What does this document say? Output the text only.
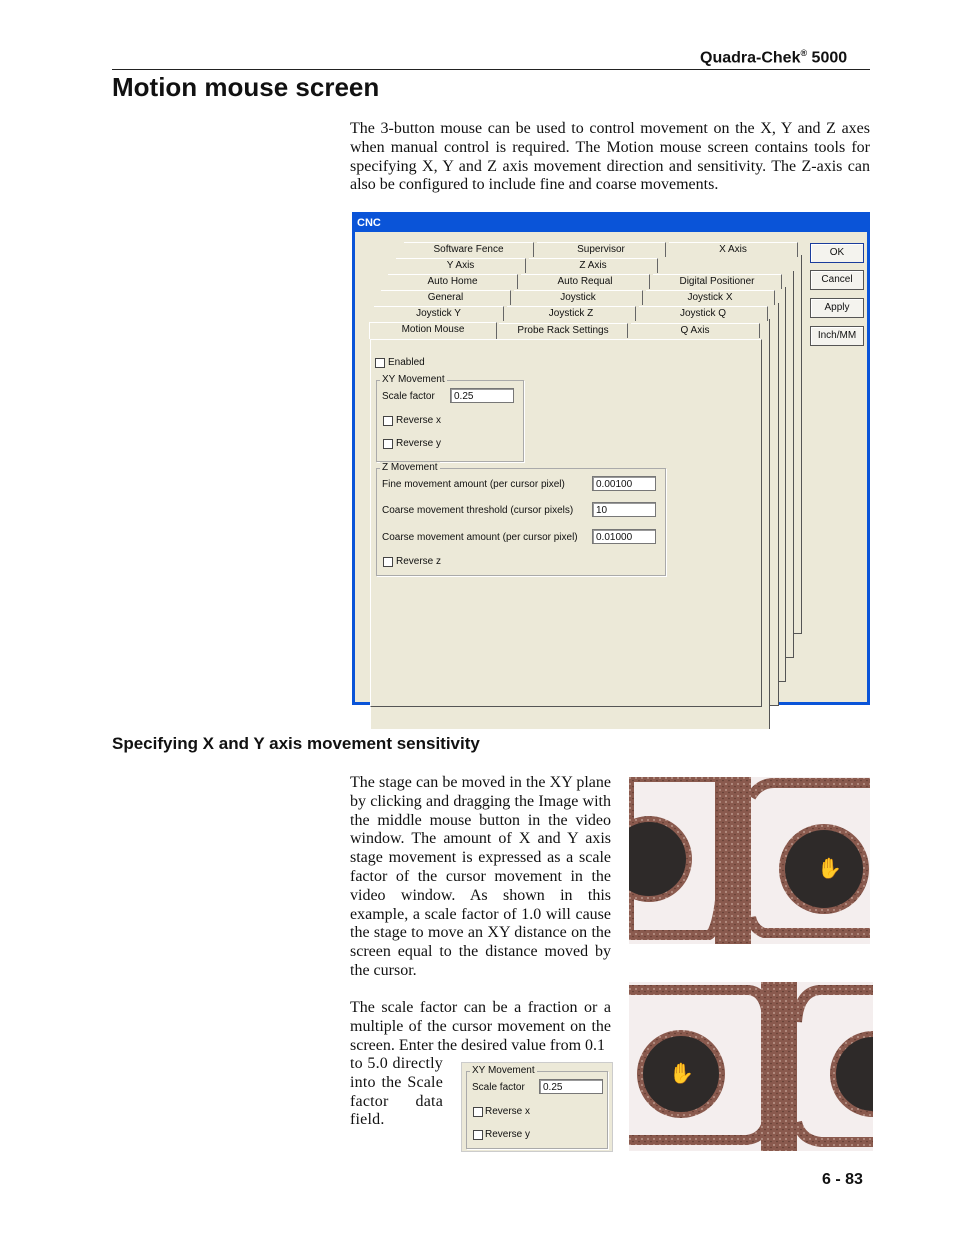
Quadra-Chek® 5000
Motion mouse screen
The 3-button mouse can be used to control movement on the X, Y and Z axes when manual control is required. The Motion mouse screen contains tools for specifying X, Y and Z axis movement direction and sensitivity. The Z-axis can also be configured to include fine and coarse movements.
CNC
Software Fence	Supervisor	X Axis
Y Axis	Z Axis
Auto Home	Auto Requal	Digital Positioner
General	Joystick	Joystick X
Joystick Y	Joystick Z	Joystick Q
Motion Mouse	Probe Rack Settings	Q Axis
Enabled
XY Movement
Scale factor	0.25
Reverse x
Reverse y
Z Movement
Fine movement amount (per cursor pixel)	0.00100
Coarse movement threshold (cursor pixels)	10
Coarse movement amount (per cursor pixel)	0.01000
Reverse z
OK
Cancel
Apply
Inch/MM
Specifying X and Y axis movement sensitivity
The stage can be moved in the XY plane by clicking and dragging the Image with the middle mouse button in the video window. The amount of X and Y axis stage movement is expressed as a scale factor of the cursor movement in the video window. As shown in this example, a scale factor of 1.0 will cause the stage to move an XY distance on the screen equal to the distance moved by the cursor.
The scale factor can be a fraction or a multiple of the cursor movement on the screen. Enter the desired value from 0.1
to 5.0 directly into the Scale factor data field.
XY Movement
Scale factor	0.25
Reverse x
Reverse y
✋
✋
6 - 83
